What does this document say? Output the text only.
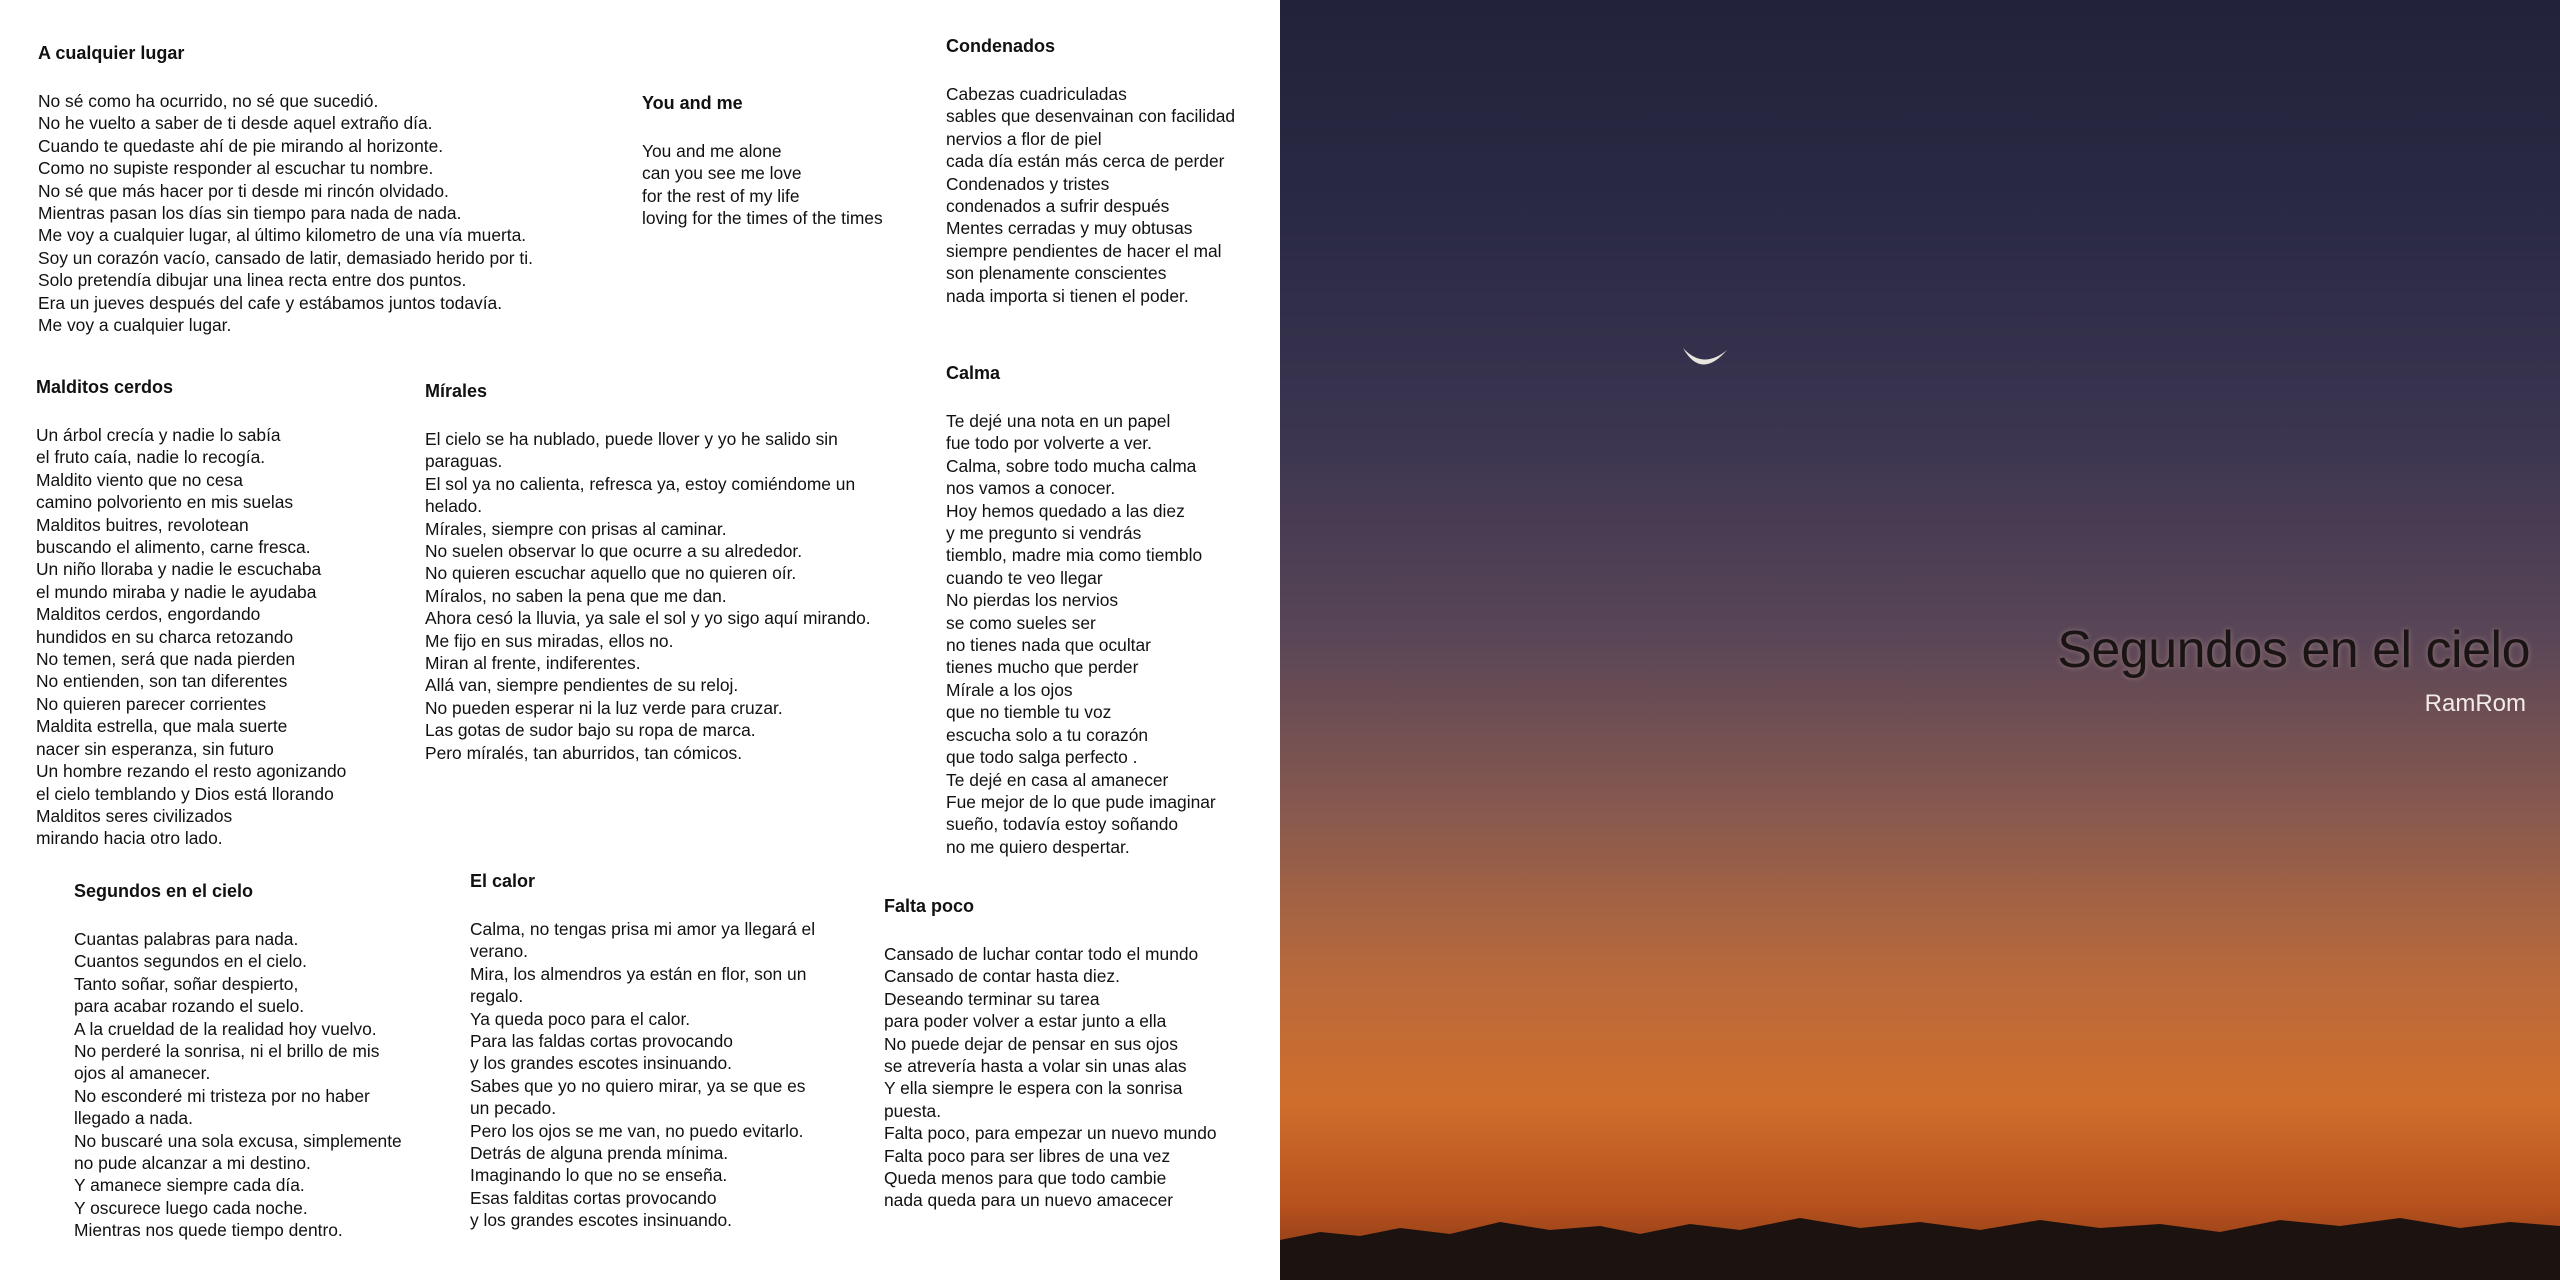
A cualquier lugar
No sé como ha ocurrido, no sé que sucedió.
No he vuelto a saber de ti desde aquel extraño día.
Cuando te quedaste ahí de pie mirando al horizonte.
Como no supiste responder al escuchar tu nombre.
No sé que más hacer por ti desde mi rincón olvidado.
Mientras pasan los días sin tiempo para nada de nada.
Me voy a cualquier lugar, al último kilometro de una vía muerta.
Soy un corazón vacío, cansado de latir, demasiado herido por ti.
Solo pretendía dibujar una linea recta entre dos puntos.
Era un jueves después del cafe y estábamos juntos todavía.
Me voy a cualquier lugar.
You and me
You and me alone
can you see me love
for the rest of my life
loving for the times of the times
Condenados
Cabezas cuadriculadas
sables que desenvainan con facilidad
nervios a flor de piel
cada día están más cerca de perder
Condenados y tristes
condenados a sufrir después
Mentes cerradas y muy obtusas
siempre pendientes de hacer el mal
son plenamente conscientes
nada importa si tienen el poder.
Malditos cerdos
Un árbol crecía y nadie lo sabía
el fruto caía, nadie lo recogía.
Maldito viento que no cesa
camino polvoriento en mis suelas
Malditos buitres, revolotean
buscando el alimento, carne fresca.
Un niño lloraba y nadie le escuchaba
el mundo miraba y nadie le ayudaba
Malditos cerdos, engordando
hundidos en su charca retozando
No temen, será que nada pierden
No entienden, son tan diferentes
No quieren parecer corrientes
Maldita estrella, que mala suerte
nacer sin esperanza, sin futuro
Un hombre rezando el resto agonizando
el cielo temblando y Dios está llorando
Malditos seres civilizados
mirando hacia otro lado.
Mírales
El cielo se ha nublado, puede llover y yo he salido sin paraguas.
El sol ya no calienta, refresca ya, estoy comiéndome un helado.
Mírales, siempre con prisas al caminar.
No suelen observar lo que ocurre a su alrededor.
No quieren escuchar aquello que no quieren oír.
Míralos, no saben la pena que me dan.
Ahora cesó la lluvia, ya sale el sol y yo sigo aquí mirando.
Me fijo en sus miradas, ellos no.
Miran al frente, indiferentes.
Allá van, siempre pendientes de su reloj.
No pueden esperar ni la luz verde para cruzar.
Las gotas de sudor bajo su ropa de marca.
Pero míralés, tan aburridos, tan cómicos.
Calma
Te dejé una nota en un papel
fue todo por volverte a ver.
Calma, sobre todo mucha calma
nos vamos a conocer.
Hoy hemos quedado a las diez
y me pregunto si vendrás
tiemblo, madre mia como tiemblo
cuando te veo llegar
No pierdas los nervios
se como sueles ser
no tienes nada que ocultar
tienes mucho que perder
Mírale a los ojos
que no tiemble tu voz
escucha solo a tu corazón
que todo salga perfecto .
Te dejé en casa al amanecer
Fue mejor de lo que pude imaginar
sueño, todavía estoy soñando
no me quiero despertar.
Segundos en el cielo
Cuantas palabras para nada.
Cuantos segundos en el cielo.
Tanto soñar, soñar despierto,
para acabar rozando el suelo.
A la crueldad de la realidad hoy vuelvo.
No perderé la sonrisa, ni el brillo de mis ojos al amanecer.
No esconderé mi tristeza por no haber llegado a nada.
No buscaré una sola excusa, simplemente no pude alcanzar a mi destino.
Y amanece siempre cada día.
Y oscurece luego cada noche.
Mientras nos quede tiempo dentro.
El calor
Calma, no tengas prisa mi amor ya llegará el verano.
Mira, los almendros ya están en flor, son un regalo.
Ya queda poco para el calor.
Para las faldas cortas provocando
y los grandes escotes insinuando.
Sabes que yo no quiero mirar, ya se que es un pecado.
Pero los ojos se me van, no puedo evitarlo.
Detrás de alguna prenda mínima.
Imaginando lo que no se enseña.
Esas falditas cortas provocando
y los grandes escotes insinuando.
Falta poco
Cansado de luchar contar todo el mundo
Cansado de contar hasta diez.
Deseando terminar su tarea
para poder volver a estar junto a ella
No puede dejar de pensar en sus ojos
se atrevería hasta a volar sin unas alas
Y ella siempre le espera con la sonrisa puesta.
Falta poco, para empezar un nuevo mundo
Falta poco para ser libres de una vez
Queda menos para que todo cambie
nada queda para un nuevo amacecer
Segundos en el cielo
RamRom
